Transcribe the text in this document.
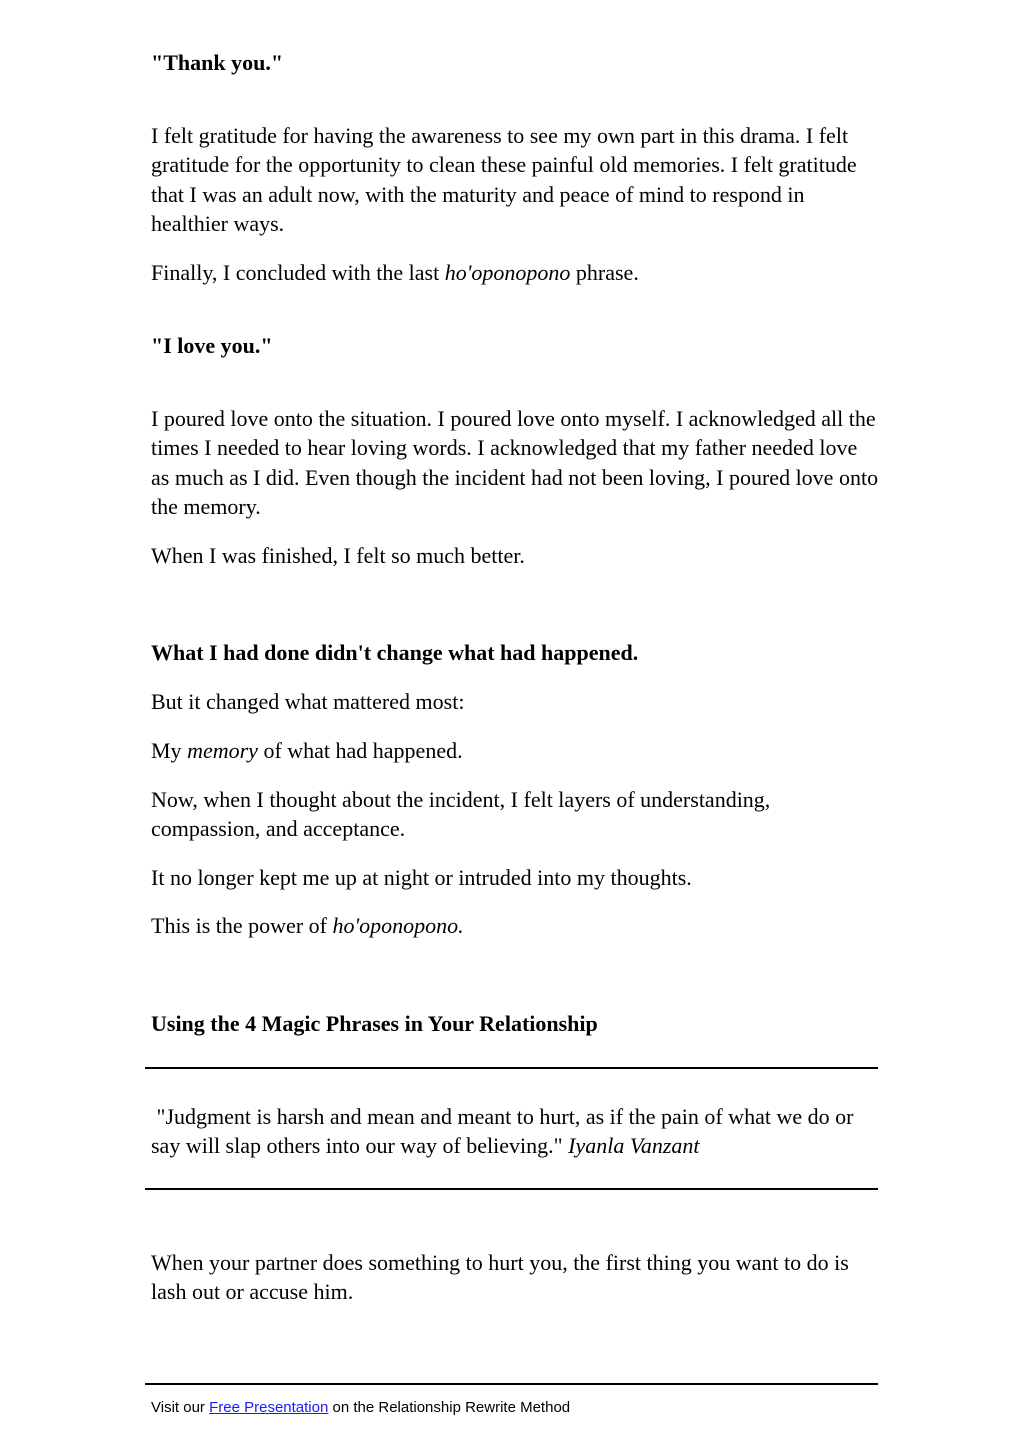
"Thank you."

I felt gratitude for having the awareness to see my own part in this drama. I felt gratitude for the opportunity to clean these painful old memories. I felt gratitude that I was an adult now, with the maturity and peace of mind to respond in healthier ways.

Finally, I concluded with the last ho'oponopono phrase.

"I love you."

I poured love onto the situation. I poured love onto myself. I acknowledged all the times I needed to hear loving words. I acknowledged that my father needed love as much as I did. Even though the incident had not been loving, I poured love onto the memory.

When I was finished, I felt so much better.

What I had done didn't change what had happened.

But it changed what mattered most:

My memory of what had happened.

Now, when I thought about the incident, I felt layers of understanding, compassion, and acceptance.

It no longer kept me up at night or intruded into my thoughts.

This is the power of ho'oponopono.

Using the 4 Magic Phrases in Your Relationship

"Judgment is harsh and mean and meant to hurt, as if the pain of what we do or say will slap others into our way of believing." Iyanla Vanzant

When your partner does something to hurt you, the first thing you want to do is lash out or accuse him.

Visit our Free Presentation on the Relationship Rewrite Method
